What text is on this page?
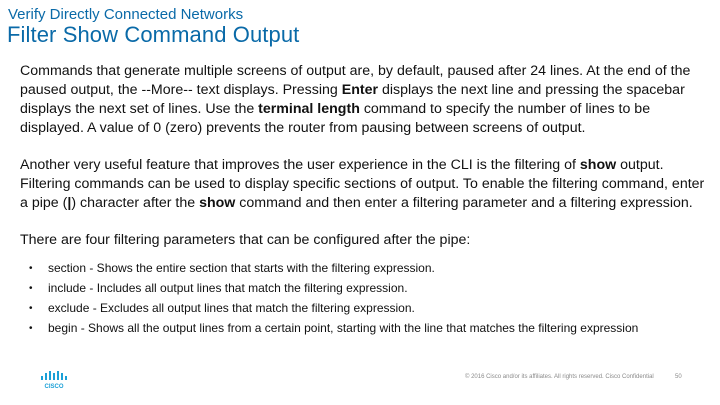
Verify Directly Connected Networks
Filter Show Command Output

Commands that generate multiple screens of output are, by default, paused after 24 lines. At the end of the paused output, the --More-- text displays. Pressing Enter displays the next line and pressing the spacebar displays the next set of lines. Use the terminal length command to specify the number of lines to be displayed. A value of 0 (zero) prevents the router from pausing between screens of output.

Another very useful feature that improves the user experience in the CLI is the filtering of show output. Filtering commands can be used to display specific sections of output. To enable the filtering command, enter a pipe (|) character after the show command and then enter a filtering parameter and a filtering expression.

There are four filtering parameters that can be configured after the pipe:

• section - Shows the entire section that starts with the filtering expression.
• include - Includes all output lines that match the filtering expression.
• exclude - Excludes all output lines that match the filtering expression.
• begin - Shows all the output lines from a certain point, starting with the line that matches the filtering expression
CISCO
© 2016 Cisco and/or its affiliates. All rights reserved. Cisco Confidential	50
